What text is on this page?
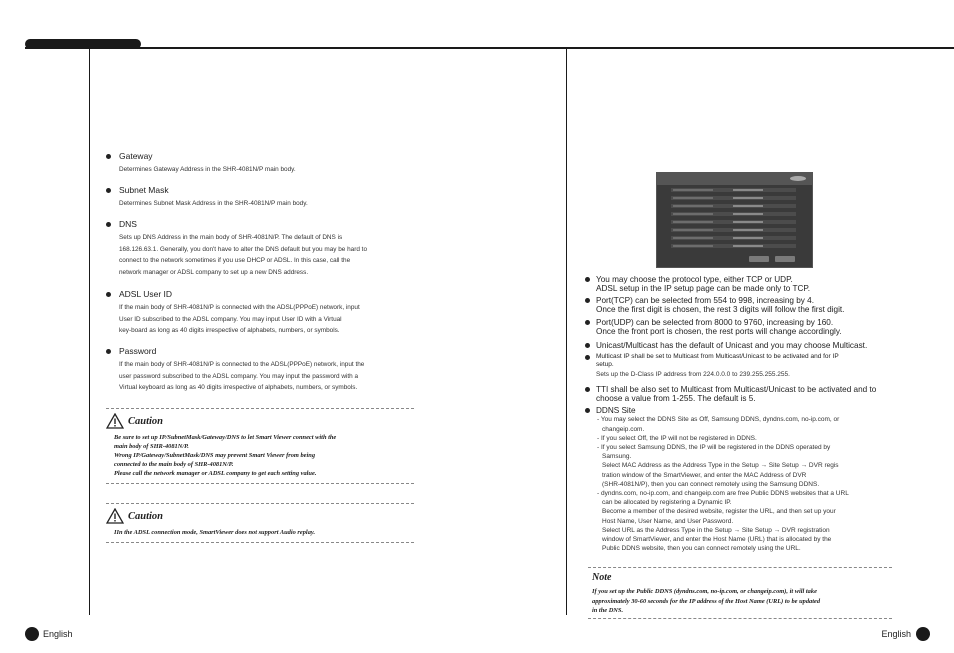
Gateway
Determines Gateway Address in the SHR-4081N/P main body.
Subnet Mask
Determines Subnet Mask Address in the SHR-4081N/P main body.
DNS
Sets up DNS Address in the main body of SHR-4081N/P. The default of DNS is
168.126.63.1. Generally, you don't have to alter the DNS default but you may be hard to
connect to the network sometimes if you use DHCP or ADSL. In this case, call the
network manager or ADSL company to set up a new DNS address.
ADSL User ID
If the main body of SHR-4081N/P is connected with the ADSL(PPPoE) network, input
User ID subscribed to the ADSL company. You may input User ID with a Virtual
key-board as long as 40 digits irrespective of alphabets, numbers, or symbols.
Password
If the main body of SHR-4081N/P is connected to the ADSL(PPPoE) network, input the
user password subscribed to the ADSL company. You may input the password with a
Virtual keyboard as long as 40 digits irrespective of alphabets, numbers, or symbols.
Caution
Be sure to set up IP/SubnetMask/Gateway/DNS to let Smart Viewer connect with the
main body of SHR-4081N/P.
Wrong IP/Gateway/SubnetMask/DNS may prevent Smart Viewer from being
connected to the main body of SHR-4081N/P.
Please call the network manager or ADSL company to get each setting value.
Caution
IIn the ADSL connection mode, SmartViewer does not support Audio replay.
You may choose the protocol type, either TCP or UDP.
ADSL setup in the IP setup page can be made only to TCP.
Port(TCP) can be selected from 554 to 998, increasing by 4.
Once the first digit is chosen, the rest 3 digits will follow the first digit.
Port(UDP) can be selected from 8000 to 9760, increasing by 160.
Once the front port is chosen, the rest ports will change accordingly.
Unicast/Multicast has the default of Unicast and you may choose Multicast.
Multicast IP shall be set to Multicast from Multicast/Unicast to be activated and for IP
setup.
Sets up the D-Class IP address from 224.0.0.0 to 239.255.255.255.
TTI shall be also set to Multicast from Multicast/Unicast to be activated and to
choose a value from 1-255. The default is 5.
DDNS Site
- You may select the DDNS Site as Off, Samsung DDNS, dyndns.com, no-ip.com, or
changeip.com.
- If you select Off, the IP will not be registered in DDNS.
- If you select Samsung DDNS, the IP will be registered in the DDNS operated by
Samsung.
Select MAC Address as the Address Type in the Setup → Site Setup → DVR regis
tration window of the SmartViewer, and enter the MAC Address of DVR
(SHR-4081N/P), then you can connect remotely using the Samsung DDNS.
- dyndns.com, no-ip.com, and changeip.com are free Public DDNS websites that a URL
can be allocated by registering a Dynamic IP.
Become a member of the desired website, register the URL, and then set up your
Host Name, User Name, and User Password.
Select URL as the Address Type in the Setup → Site Setup → DVR registration
window of SmartViewer, and enter the Host Name (URL) that is allocated by the
Public DDNS website, then you can connect remotely using the URL.
Note
If you set up the Public DDNS (dyndns.com, no-ip.com, or changeip.com), it will take
approximately 30-60 seconds for the IP address of the Host Name (URL) to be updated
in the DNS.
English	English
